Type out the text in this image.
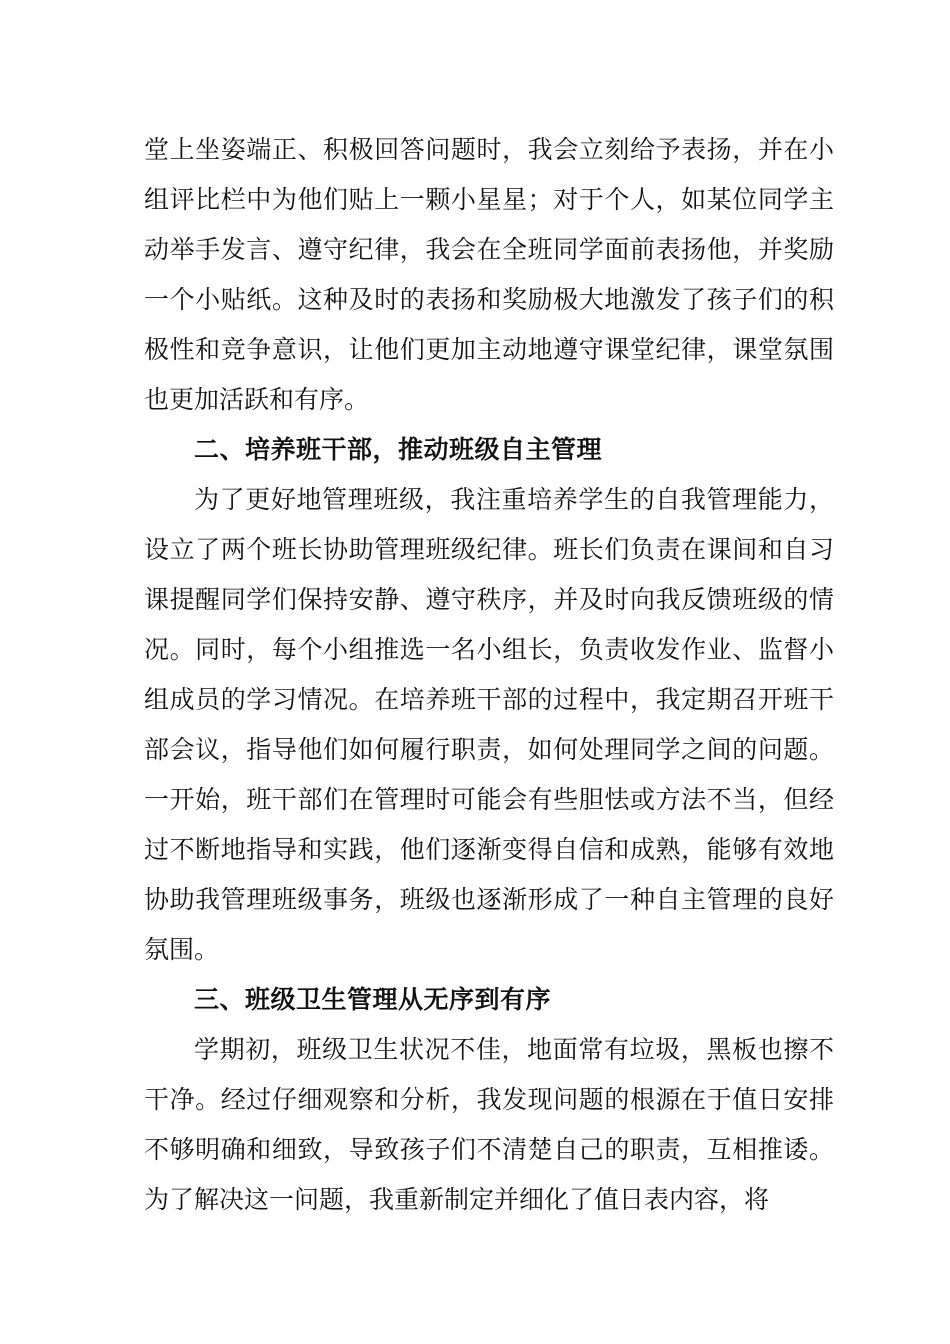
堂上坐姿端正、积极回答问题时，我会立刻给予表扬，并在小组评比栏中为他们贴上一颗小星星；对于个人，如某位同学主动举手发言、遵守纪律，我会在全班同学面前表扬他，并奖励一个小贴纸。这种及时的表扬和奖励极大地激发了孩子们的积极性和竞争意识，让他们更加主动地遵守课堂纪律，课堂氛围也更加活跃和有序。

二、培养班干部，推动班级自主管理

为了更好地管理班级，我注重培养学生的自我管理能力，设立了两个班长协助管理班级纪律。班长们负责在课间和自习课提醒同学们保持安静、遵守秩序，并及时向我反馈班级的情况。同时，每个小组推选一名小组长，负责收发作业、监督小组成员的学习情况。在培养班干部的过程中，我定期召开班干部会议，指导他们如何履行职责，如何处理同学之间的问题。一开始，班干部们在管理时可能会有些胆怯或方法不当，但经过不断地指导和实践，他们逐渐变得自信和成熟，能够有效地协助我管理班级事务，班级也逐渐形成了一种自主管理的良好氛围。

三、班级卫生管理从无序到有序

学期初，班级卫生状况不佳，地面常有垃圾，黑板也擦不干净。经过仔细观察和分析，我发现问题的根源在于值日安排不够明确和细致，导致孩子们不清楚自己的职责，互相推诿。为了解决这一问题，我重新制定并细化了值日表内容，将
